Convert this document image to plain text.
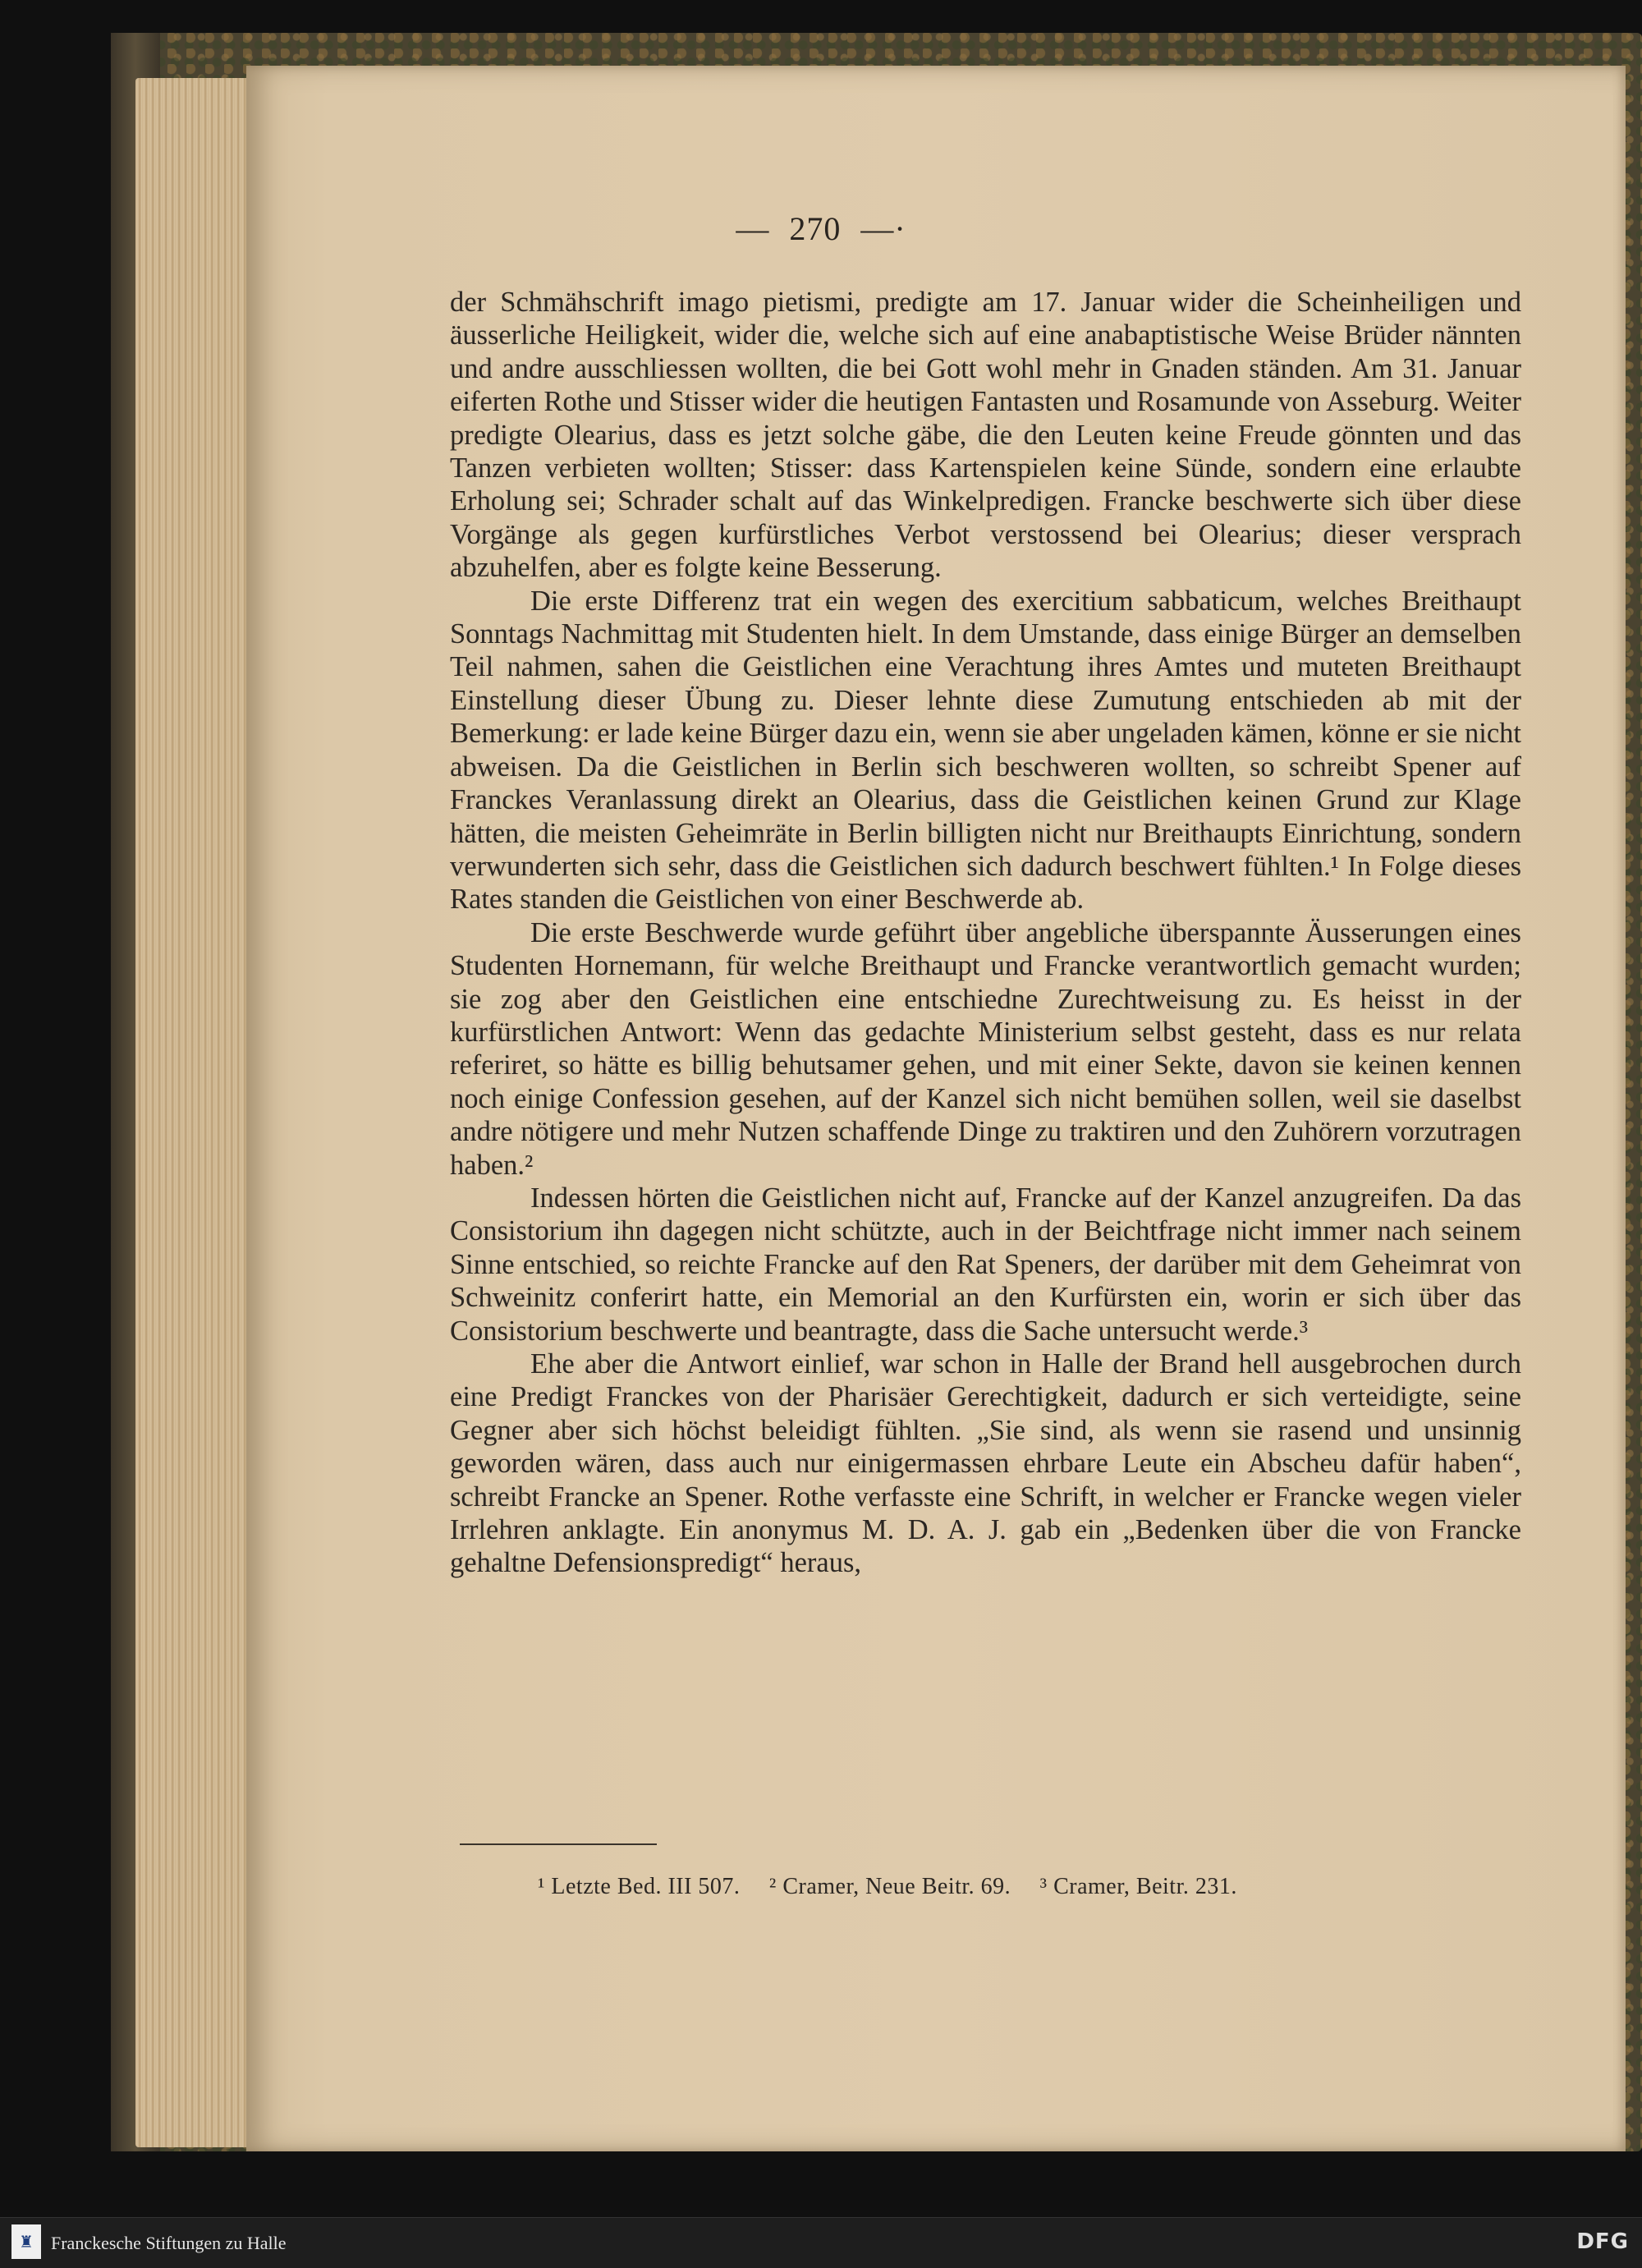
— 270 —·

der Schmähschrift imago pietismi, predigte am 17. Januar wider die Scheinheiligen und äusserliche Heiligkeit, wider die, welche sich auf eine anabaptistische Weise Brüder nännten und andre ausschliessen wollten, die bei Gott wohl mehr in Gnaden ständen. Am 31. Januar eiferten Rothe und Stisser wider die heutigen Fantasten und Rosamunde von Asseburg. Weiter predigte Olearius, dass es jetzt solche gäbe, die den Leuten keine Freude gönnten und das Tanzen verbieten wollten; Stisser: dass Kartenspielen keine Sünde, sondern eine erlaubte Erholung sei; Schrader schalt auf das Winkelpredigen. Francke beschwerte sich über diese Vorgänge als gegen kurfürstliches Verbot verstossend bei Olearius; dieser versprach abzuhelfen, aber es folgte keine Besserung.

Die erste Differenz trat ein wegen des exercitium sabbaticum, welches Breithaupt Sonntags Nachmittag mit Studenten hielt. In dem Umstande, dass einige Bürger an demselben Teil nahmen, sahen die Geistlichen eine Verachtung ihres Amtes und muteten Breithaupt Einstellung dieser Übung zu. Dieser lehnte diese Zumutung entschieden ab mit der Bemerkung: er lade keine Bürger dazu ein, wenn sie aber ungeladen kämen, könne er sie nicht abweisen. Da die Geistlichen in Berlin sich beschweren wollten, so schreibt Spener auf Franckes Veranlassung direkt an Olearius, dass die Geistlichen keinen Grund zur Klage hätten, die meisten Geheimräte in Berlin billigten nicht nur Breithaupts Einrichtung, sondern verwunderten sich sehr, dass die Geistlichen sich dadurch beschwert fühlten.¹ In Folge dieses Rates standen die Geistlichen von einer Beschwerde ab.

Die erste Beschwerde wurde geführt über angebliche überspannte Äusserungen eines Studenten Hornemann, für welche Breithaupt und Francke verantwortlich gemacht wurden; sie zog aber den Geistlichen eine entschiedne Zurechtweisung zu. Es heisst in der kurfürstlichen Antwort: Wenn das gedachte Ministerium selbst gesteht, dass es nur relata referiret, so hätte es billig behutsamer gehen, und mit einer Sekte, davon sie keinen kennen noch einige Confession gesehen, auf der Kanzel sich nicht bemühen sollen, weil sie daselbst andre nötigere und mehr Nutzen schaffende Dinge zu traktiren und den Zuhörern vorzutragen haben.²

Indessen hörten die Geistlichen nicht auf, Francke auf der Kanzel anzugreifen. Da das Consistorium ihn dagegen nicht schützte, auch in der Beichtfrage nicht immer nach seinem Sinne entschied, so reichte Francke auf den Rat Speners, der darüber mit dem Geheimrat von Schweinitz conferirt hatte, ein Memorial an den Kurfürsten ein, worin er sich über das Consistorium beschwerte und beantragte, dass die Sache untersucht werde.³

Ehe aber die Antwort einlief, war schon in Halle der Brand hell ausgebrochen durch eine Predigt Franckes von der Pharisäer Gerechtigkeit, dadurch er sich verteidigte, seine Gegner aber sich höchst beleidigt fühlten. „Sie sind, als wenn sie rasend und unsinnig geworden wären, dass auch nur einigermassen ehrbare Leute ein Abscheu dafür haben“, schreibt Francke an Spener. Rothe verfasste eine Schrift, in welcher er Francke wegen vieler Irrlehren anklagte. Ein anonymus M. D. A. J. gab ein „Bedenken über die von Francke gehaltne Defensionspredigt“ heraus,

¹ Letzte Bed. III 507. ² Cramer, Neue Beitr. 69. ³ Cramer, Beitr. 231.
♜ Franckesche Stiftungen zu Halle	DFG
